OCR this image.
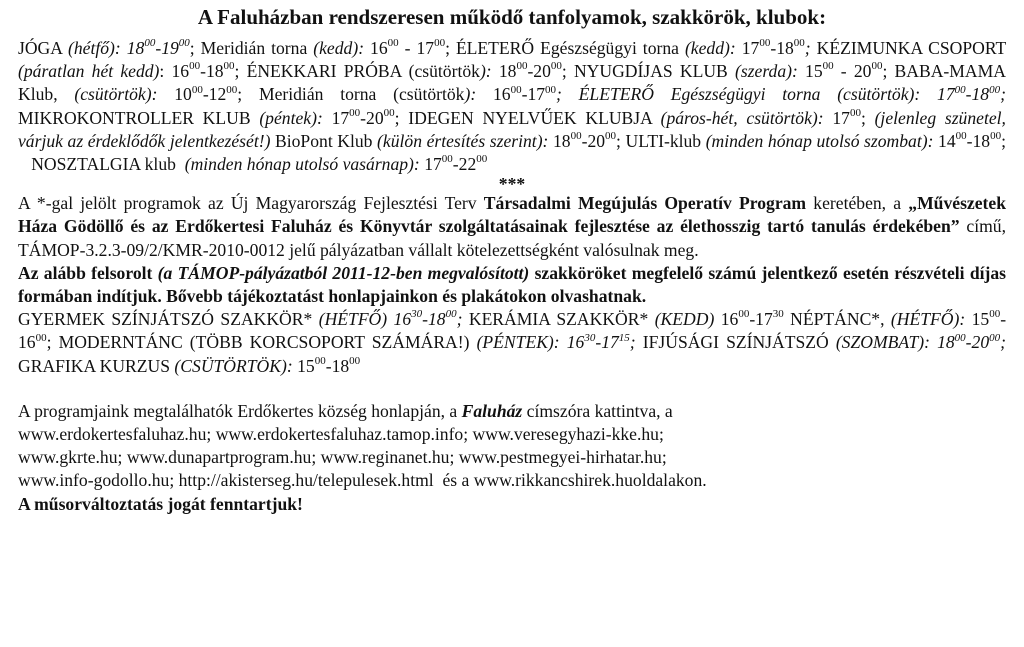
A Faluházban rendszeresen működő tanfolyamok, szakkörök, klubok:

JÓGA (hétfő): $18^{00}-19^{00}$; Meridián torna (kedd): $16^{00} - 17^{00}$; ÉLETERŐ Egészségügyi torna (kedd): $17^{00}-18^{00}$; KÉZIMUNKA CSOPORT (páratlan hét kedd): $16^{00}-18^{00}$; ÉNEKKARI PRÓBA (csütörtök): $18^{00}-20^{00}$; NYUGDÍJAS KLUB (szerda): $15^{00} - 20^{00}$; BABA-MAMA Klub, (csütörtök): $10^{00}-12^{00}$; Meridián torna (csütörtök): $16^{00}-17^{00}$; ÉLETERŐ Egészségügyi torna (csütörtök): $17^{00}-18^{00}$; MIKROKONTROLLER KLUB (péntek): $17^{00}-20^{00}$; IDEGEN NYELVŰEK KLUBJA (páros-hét, csütörtök): $17^{00}$; (jelenleg szünetel, várjuk az érdeklődők jelentkezését!) BioPont Klub (külön értesítés szerint): $18^{00}-20^{00}$; ULTI-klub (minden hónap utolsó szombat): $14^{00}-18^{00}$;    NOSZTALGIA klub (minden hónap utolsó vasárnap): $17^{00}-22^{00}$

***

A *-gal jelölt programok az Új Magyarország Fejlesztési Terv Társadalmi Megújulás Operatív Program keretében, a „Művészetek Háza Gödöllő és az Erdőkertesi Faluház és Könyvtár szolgáltatásainak fejlesztése az élethosszig tartó tanulás érdekében” című, TÁMOP-3.2.3-09/2/KMR-2010-0012 jelű pályázatban vállalt kötelezettségként valósulnak meg.

Az alább felsorolt (a TÁMOP-pályázatból 2011-12-ben megvalósított) szakköröket megfelelő számú jelentkező esetén részvételi díjas formában indítjuk. Bővebb tájékoztatást honlapjainkon és plakátokon olvashatnak.

GYERMEK SZÍNJÁTSZÓ SZAKKÖR* (HÉTFŐ) $16^{30}-18^{00}$; KERÁMIA SZAKKÖR* (KEDD) $16^{00}-17^{30}$ NÉPTÁNC*, (HÉTFŐ): $15^{00}-16^{00}$; MODERNTÁNC (TÖBB KORCSOPORT SZÁMÁRA!) (PÉNTEK): $16^{30}-17^{15}$; IFJÚSÁGI SZÍNJÁTSZÓ (SZOMBAT): $18^{00}-20^{00}$; GRAFIKA KURZUS (CSÜTÖRTÖK): $15^{00}-18^{00}$

A programjaink megtalálhatók Erdőkertes község honlapján, a Faluház címszóra kattintva, a
www.erdokertesfaluhaz.hu; www.erdokertesfaluhaz.tamop.info; www.veresegyhazi-kke.hu;
www.gkrte.hu; www.dunapartprogram.hu; www.reginanet.hu; www.pestmegyei-hirhatar.hu;
www.info-godollo.hu; http://akisterseg.hu/telepulesek.html és a www.rikkancshirek.huoldalakon.
A műsorváltoztatás jogát fenntartjuk!
